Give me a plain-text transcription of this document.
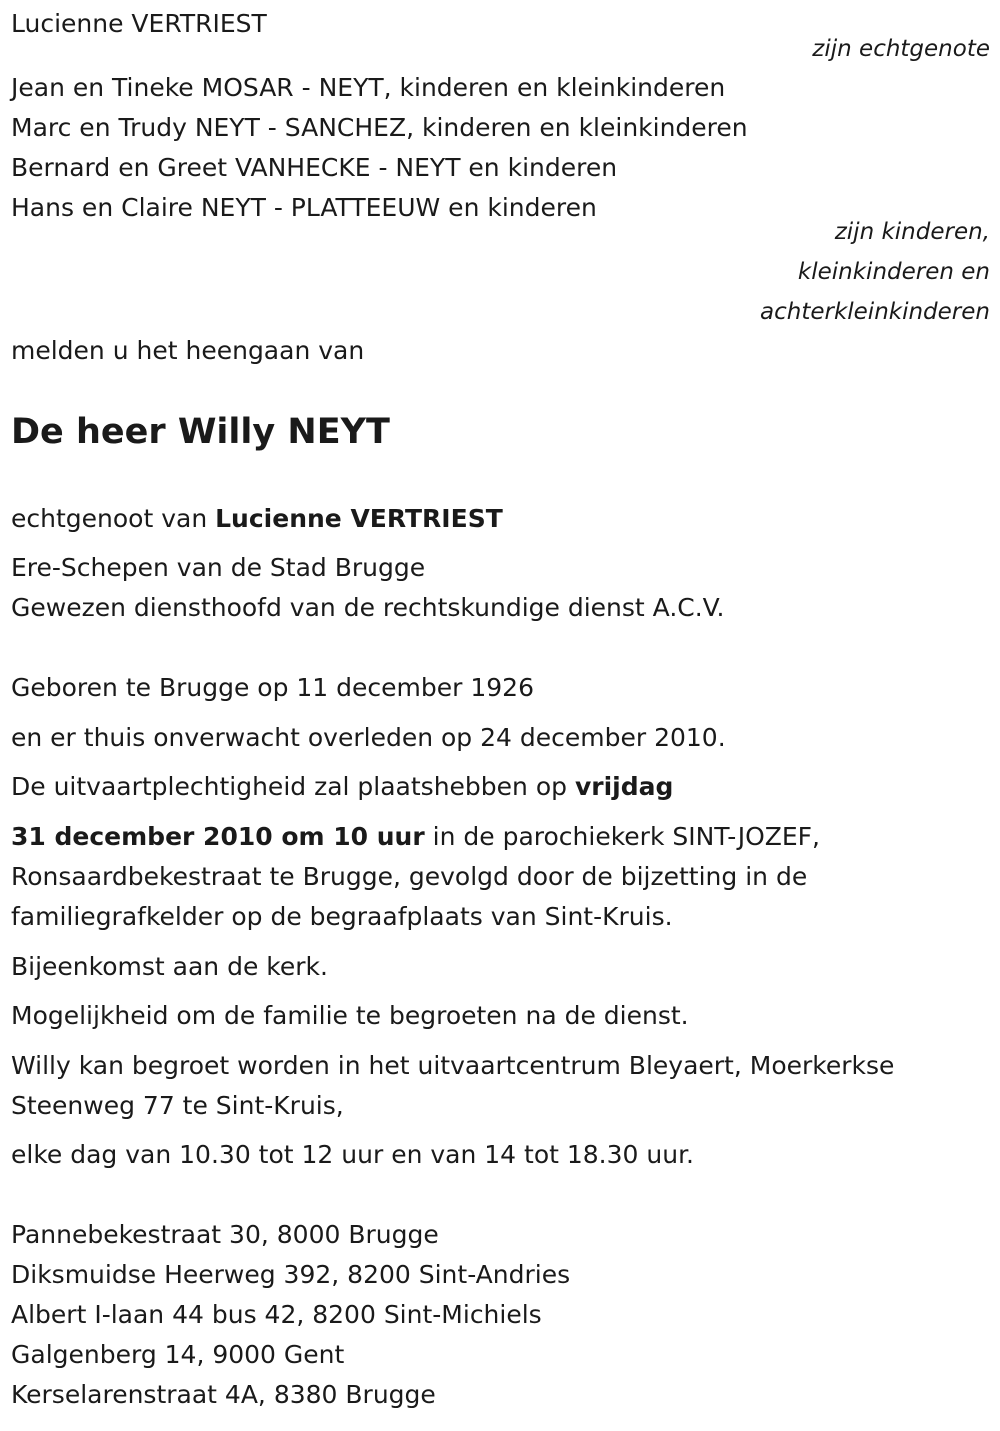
Lucienne VERTRIEST

zijn echtgenote

Jean en Tineke MOSAR - NEYT, kinderen en kleinkinderen

Marc en Trudy NEYT - SANCHEZ, kinderen en kleinkinderen

Bernard en Greet VANHECKE - NEYT en kinderen

Hans en Claire NEYT - PLATTEEUW en kinderen

zijn kinderen,

kleinkinderen en

achterkleinkinderen

melden u het heengaan van

De heer Willy NEYT

echtgenoot van Lucienne VERTRIEST

Ere-Schepen van de Stad Brugge

Gewezen diensthoofd van de rechtskundige dienst A.C.V.

Geboren te Brugge op 11 december 1926

en er thuis onverwacht overleden op 24 december 2010.

De uitvaartplechtigheid zal plaatshebben op vrijdag

31 december 2010 om 10 uur in de parochiekerk SINT-JOZEF,

Ronsaardbekestraat te Brugge, gevolgd door de bijzetting in de

familiegrafkelder op de begraafplaats van Sint-Kruis.

Bijeenkomst aan de kerk.

Mogelijkheid om de familie te begroeten na de dienst.

Willy kan begroet worden in het uitvaartcentrum Bleyaert, Moerkerkse

Steenweg 77 te Sint-Kruis,

elke dag van 10.30 tot 12 uur en van 14 tot 18.30 uur.

Pannebekestraat 30, 8000 Brugge

Diksmuidse Heerweg 392, 8200 Sint-Andries

Albert I-laan 44 bus 42, 8200 Sint-Michiels

Galgenberg 14, 9000 Gent

Kerselarenstraat 4A, 8380 Brugge
